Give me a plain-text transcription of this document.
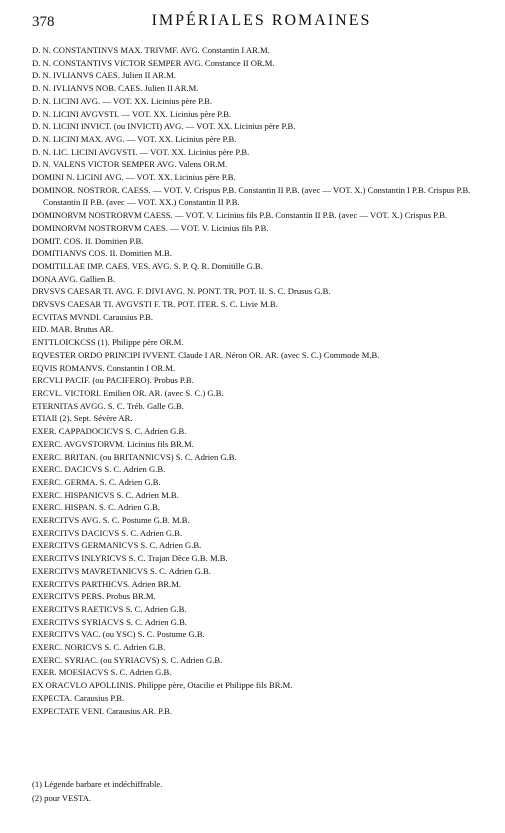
378	IMPÉRIALES ROMAINES
D. N. CONSTANTINVS MAX. TRIVMF. AVG. Constantin I AR.M.
D. N. CONSTANTIVS VICTOR SEMPER AVG. Constance II OR.M.
D. N. IVLIANVS CAES. Julien II AR.M.
D. N. IVLIANVS NOB. CAES. Julien II AR.M.
D. N. LICINI AVG. — VOT. XX. Licinius père P.B.
D. N. LICINI AVGVSTI. — VOT. XX. Licinius père P.B.
D. N. LICINI INVICT. (ou INVICTI) AVG. — VOT. XX. Licinius père P.B.
D. N. LICINI MAX. AVG. — VOT. XX. Licinius père P.B.
D. N. LIC. LICINI AVGVSTI. — VOT. XX. Licinius père P.B.
D. N. VALENS VICTOR SEMPER AVG. Valens OR.M.
DOMINI N. LICINI AVG. — VOT. XX. Licinius père P.B.
DOMINOR. NOSTROR. CAESS. — VOT. V. Crispus P.B. Constantin II P.B. (avec — VOT. X.) Constantin I P.B. Crispus P.B. Constantin II P.B. (avec — VOT. XX.) Constantin II P.B.
DOMINORVM NOSTRORVM CAESS. — VOT. V. Licinius fils P.B. Constantin II P.B. (avec — VOT. X.) Crispus P.B.
DOMINORVM NOSTRORVM CAES. — VOT. V. Licinius fils P.B.
DOMIT. COS. II. Domitien P.B.
DOMITIANVS COS. II. Domitien M.B.
DOMITILLAE IMP. CAES. VES. AVG. S. P. Q. R. Domitille G.B.
DONA AVG. Gallien B.
DRVSVS CAESAR TI. AVG. F. DIVI AVG. N. PONT. TR. POT. II. S. C. Drusus G.B.
DRVSVS CAESAR TI. AVGVSTI F. TR. POT. ITER. S. C. Livie M.B.
ECVITAS MVNDI. Carausius P.B.
EID. MAR. Brutus AR.
ENTTLOICKCSS (1). Philippe père OR.M.
EQVESTER ORDO PRINCIPI IVVENT. Claude I AR. Néron OR. AR. (avec S. C.) Commode M.B.
EQVIS ROMANVS. Constantin I OR.M.
ERCVLI PACIF. (ou PACIFERO). Probus P.B.
ERCVL. VICTORI. Emilien OR. AR. (avec S. C.) G.B.
ETERNITAS AVGG. S. C. Tréb. Galle G.B.
ETIAII (2). Sept. Sévère AR.
EXER. CAPPADOCICVS S. C. Adrien G.B.
EXERC. AVGVSTORVM. Licinius fils BR.M.
EXERC. BRITAN. (ou BRITANNICVS) S. C. Adrien G.B.
EXERC. DACICVS S. C. Adrien G.B.
EXERC. GERMA. S. C. Adrien G.B.
EXERC. HISPANICVS S. C. Adrien M.B.
EXERC. HISPAN. S. C. Adrien G.B.
EXERCITVS AVG. S. C. Postume G.B. M.B.
EXERCITVS DACICVS S. C. Adrien G.B.
EXERCITVS GERMANICVS S. C. Adrien G.B.
EXERCITVS INLYRICVS S. C. Trajan Dèce G.B. M.B.
EXERCITVS MAVRETANICVS S. C. Adrien G.B.
EXERCITVS PARTHICVS. Adrien BR.M.
EXERCITVS PERS. Probus BR.M.
EXERCITVS RAETICVS S. C. Adrien G.B.
EXERCITVS SYRIACVS S. C. Adrien G.B.
EXERCITVS VAC. (ou YSC) S. C. Postume G.B.
EXERC. NORICVS S. C. Adrien G.B.
EXERC. SYRIAC. (ou SYRIACVS) S. C. Adrien G.B.
EXER. MOESIACVS S. C. Adrien G.B.
EX ORACVLO APOLLINIS. Philippe père, Otacilie et Philippe fils BR.M.
EXPECTA. Carausius P.B.
EXPECTATE VENI. Carausius AR. P.B.
(1) Légende barbare et indéchiffrable.
(2) pour VESTA.
